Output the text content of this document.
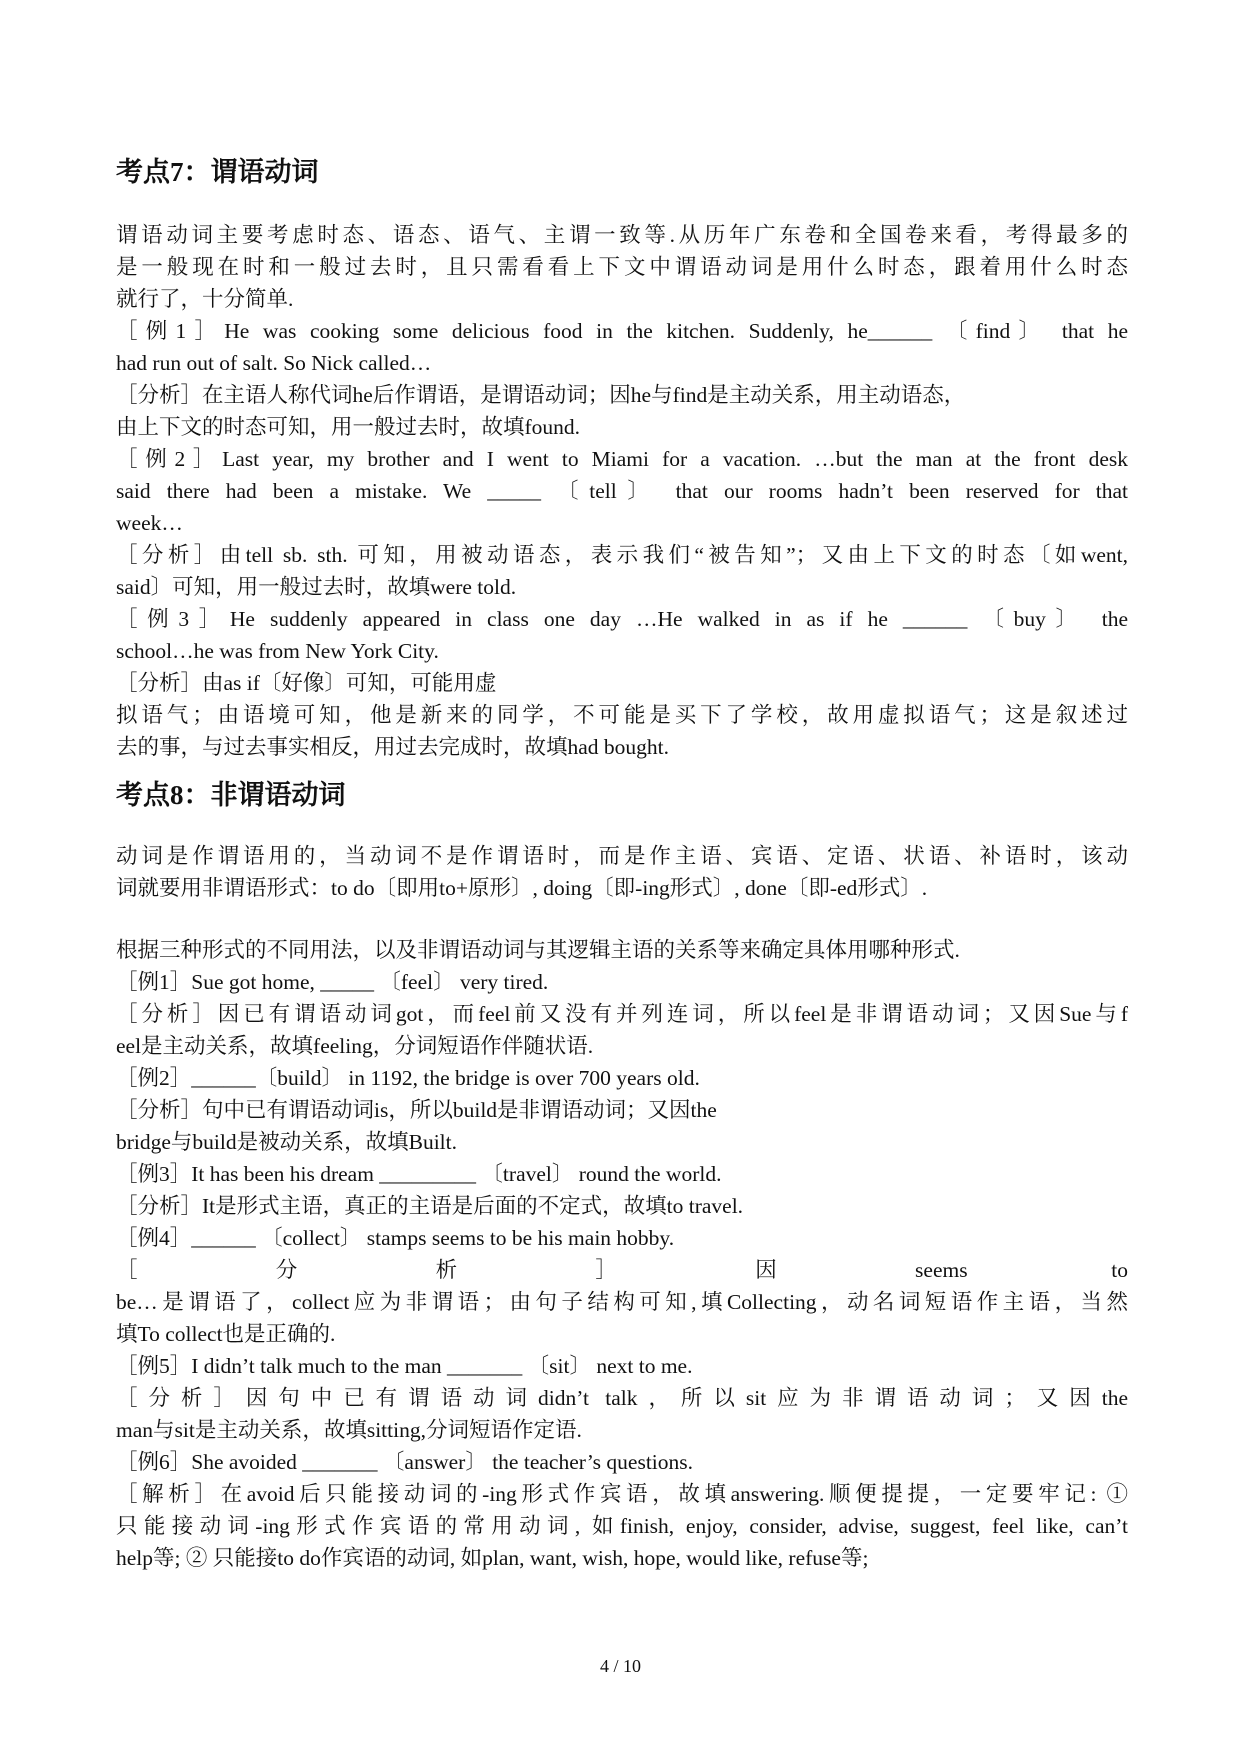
考点7：谓语动词
谓语动词主要考虑时态、语态、语气、主谓一致等.从历年广东卷和全国卷来看，考得最多的
是一般现在时和一般过去时，且只需看看上下文中谓语动词是用什么时态，跟着用什么时态
就行了，十分简单.
［例1］He was cooking some delicious food in the kitchen. Suddenly, he______ 〔find〕 that he
had run out of salt. So Nick called…
［分析］在主语人称代词he后作谓语，是谓语动词；因he与find是主动关系，用主动语态，
由上下文的时态可知，用一般过去时，故填found.
［例2］Last year, my brother and I went to Miami for a vacation. …but the man at the front desk
said there had been a mistake. We _____ 〔tell〕 that our rooms hadn’t been reserved for that
week…
［分析］由tell sb. sth. 可知，用被动语态，表示我们“被告知”；又由上下文的时态〔如went,
said〕可知，用一般过去时，故填were told.
［例3］He suddenly appeared in class one day …He walked in as if he ______ 〔buy〕 the
school…he was from New York City.
［分析］由as if〔好像〕可知，可能用虚
拟语气；由语境可知，他是新来的同学，不可能是买下了学校，故用虚拟语气；这是叙述过
去的事，与过去事实相反，用过去完成时，故填had bought.
考点8：非谓语动词
动词是作谓语用的，当动词不是作谓语时，而是作主语、宾语、定语、状语、补语时，该动
词就要用非谓语形式：to do〔即用to+原形〕, doing〔即-ing形式〕, done〔即-ed形式〕.
根据三种形式的不同用法，以及非谓语动词与其逻辑主语的关系等来确定具体用哪种形式.
［例1］Sue got home, _____ 〔feel〕 very tired.
［分析］因已有谓语动词got，而feel前又没有并列连词，所以feel是非谓语动词；又因Sue与f
eel是主动关系，故填feeling，分词短语作伴随状语.
［例2］______〔build〕 in 1192, the bridge is over 700 years old.
［分析］句中已有谓语动词is，所以build是非谓语动词；又因the
bridge与build是被动关系，故填Built.
［例3］It has been his dream _________ 〔travel〕 round the world.
［分析］It是形式主语，真正的主语是后面的不定式，故填to travel.
［例4］______ 〔collect〕 stamps seems to be his main hobby.
［分析］因seems to
be…是谓语了，collect应为非谓语；由句子结构可知,填Collecting，动名词短语作主语，当然
填To collect也是正确的.
［例5］I didn’t talk much to the man _______ 〔sit〕 next to me.
［分析］因句中已有谓语动词didn’t talk，所以sit应为非谓语动词；又因the
man与sit是主动关系，故填sitting,分词短语作定语.
［例6］She avoided _______ 〔answer〕 the teacher’s questions.
［解析］在avoid后只能接动词的-ing形式作宾语，故填answering.顺便提提，一定要牢记: ①
只能接动词-ing形式作宾语的常用动词, 如finish, enjoy, consider, advise, suggest, feel like, can’t
help等; ② 只能接to do作宾语的动词, 如plan, want, wish, hope, would like, refuse等;
4 / 10
